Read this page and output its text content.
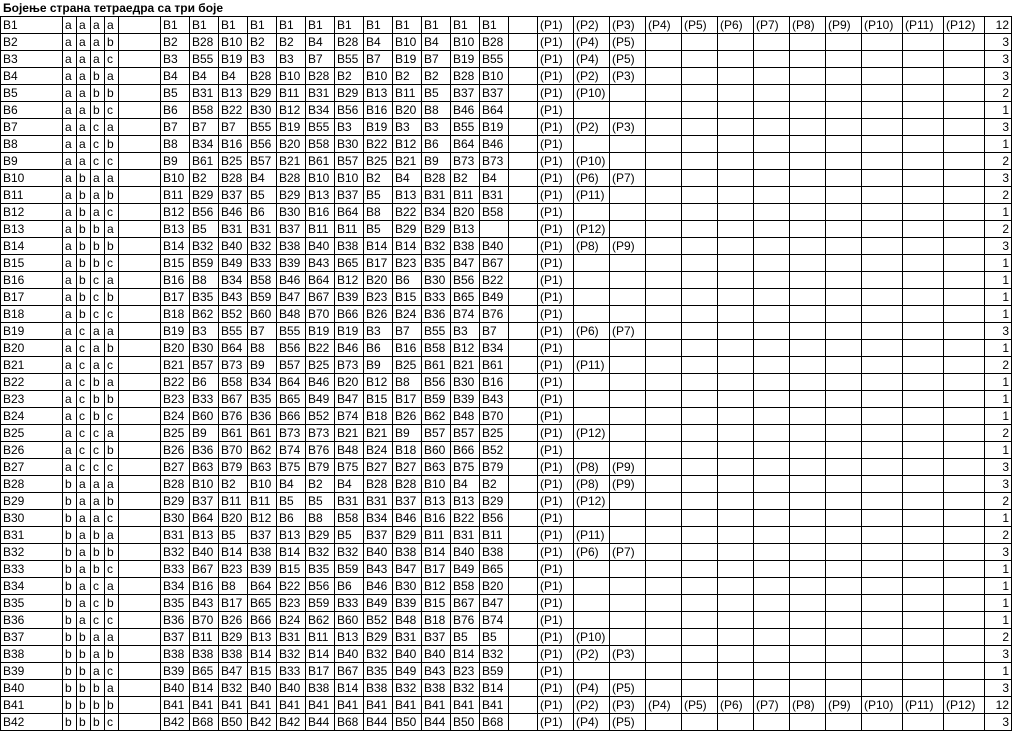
Бојење страна тетраедра са три боје
B1	a	a	a	a		B1	B1	B1	B1	B1	B1	B1	B1	B1	B1	B1	B1		(P1)	(P2)	(P3)	(P4)	(P5)	(P6)	(P7)	(P8)	(P9)	(P10)	(P11)	(P12)	12
B2	a	a	a	b		B2	B28	B10	B2	B2	B4	B28	B4	B10	B4	B10	B28		(P1)	(P4)	(P5)										3
B3	a	a	a	c		B3	B55	B19	B3	B3	B7	B55	B7	B19	B7	B19	B55		(P1)	(P4)	(P5)										3
B4	a	a	b	a		B4	B4	B4	B28	B10	B28	B2	B10	B2	B2	B28	B10		(P1)	(P2)	(P3)										3
B5	a	a	b	b		B5	B31	B13	B29	B11	B31	B29	B13	B11	B5	B37	B37		(P1)	(P10)											2
B6	a	a	b	c		B6	B58	B22	B30	B12	B34	B56	B16	B20	B8	B46	B64		(P1)												1
B7	a	a	c	a		B7	B7	B7	B55	B19	B55	B3	B19	B3	B3	B55	B19		(P1)	(P2)	(P3)										3
B8	a	a	c	b		B8	B34	B16	B56	B20	B58	B30	B22	B12	B6	B64	B46		(P1)												1
B9	a	a	c	c		B9	B61	B25	B57	B21	B61	B57	B25	B21	B9	B73	B73		(P1)	(P10)											2
B10	a	b	a	a		B10	B2	B28	B4	B28	B10	B10	B2	B4	B28	B2	B4		(P1)	(P6)	(P7)										3
B11	a	b	a	b		B11	B29	B37	B5	B29	B13	B37	B5	B13	B31	B11	B31		(P1)	(P11)											2
B12	a	b	a	c		B12	B56	B46	B6	B30	B16	B64	B8	B22	B34	B20	B58		(P1)												1
B13	a	b	b	a		B13	B5	B31	B31	B37	B11	B11	B5	B29	B29	B13			(P1)	(P12)											2
B14	a	b	b	b		B14	B32	B40	B32	B38	B40	B38	B14	B14	B32	B38	B40		(P1)	(P8)	(P9)										3
B15	a	b	b	c		B15	B59	B49	B33	B39	B43	B65	B17	B23	B35	B47	B67		(P1)												1
B16	a	b	c	a		B16	B8	B34	B58	B46	B64	B12	B20	B6	B30	B56	B22		(P1)												1
B17	a	b	c	b		B17	B35	B43	B59	B47	B67	B39	B23	B15	B33	B65	B49		(P1)												1
B18	a	b	c	c		B18	B62	B52	B60	B48	B70	B66	B26	B24	B36	B74	B76		(P1)												1
B19	a	c	a	a		B19	B3	B55	B7	B55	B19	B19	B3	B7	B55	B3	B7		(P1)	(P6)	(P7)										3
B20	a	c	a	b		B20	B30	B64	B8	B56	B22	B46	B6	B16	B58	B12	B34		(P1)												1
B21	a	c	a	c		B21	B57	B73	B9	B57	B25	B73	B9	B25	B61	B21	B61		(P1)	(P11)											2
B22	a	c	b	a		B22	B6	B58	B34	B64	B46	B20	B12	B8	B56	B30	B16		(P1)												1
B23	a	c	b	b		B23	B33	B67	B35	B65	B49	B47	B15	B17	B59	B39	B43		(P1)												1
B24	a	c	b	c		B24	B60	B76	B36	B66	B52	B74	B18	B26	B62	B48	B70		(P1)												1
B25	a	c	c	a		B25	B9	B61	B61	B73	B73	B21	B21	B9	B57	B57	B25		(P1)	(P12)											2
B26	a	c	c	b		B26	B36	B70	B62	B74	B76	B48	B24	B18	B60	B66	B52		(P1)												1
B27	a	c	c	c		B27	B63	B79	B63	B75	B79	B75	B27	B27	B63	B75	B79		(P1)	(P8)	(P9)										3
B28	b	a	a	a		B28	B10	B2	B10	B4	B2	B4	B28	B28	B10	B4	B2		(P1)	(P8)	(P9)										3
B29	b	a	a	b		B29	B37	B11	B11	B5	B5	B31	B31	B37	B13	B13	B29		(P1)	(P12)											2
B30	b	a	a	c		B30	B64	B20	B12	B6	B8	B58	B34	B46	B16	B22	B56		(P1)												1
B31	b	a	b	a		B31	B13	B5	B37	B13	B29	B5	B37	B29	B11	B31	B11		(P1)	(P11)											2
B32	b	a	b	b		B32	B40	B14	B38	B14	B32	B32	B40	B38	B14	B40	B38		(P1)	(P6)	(P7)										3
B33	b	a	b	c		B33	B67	B23	B39	B15	B35	B59	B43	B47	B17	B49	B65		(P1)												1
B34	b	a	c	a		B34	B16	B8	B64	B22	B56	B6	B46	B30	B12	B58	B20		(P1)												1
B35	b	a	c	b		B35	B43	B17	B65	B23	B59	B33	B49	B39	B15	B67	B47		(P1)												1
B36	b	a	c	c		B36	B70	B26	B66	B24	B62	B60	B52	B48	B18	B76	B74		(P1)												1
B37	b	b	a	a		B37	B11	B29	B13	B31	B11	B13	B29	B31	B37	B5	B5		(P1)	(P10)											2
B38	b	b	a	b		B38	B38	B38	B14	B32	B14	B40	B32	B40	B40	B14	B32		(P1)	(P2)	(P3)										3
B39	b	b	a	c		B39	B65	B47	B15	B33	B17	B67	B35	B49	B43	B23	B59		(P1)												1
B40	b	b	b	a		B40	B14	B32	B40	B40	B38	B14	B38	B32	B38	B32	B14		(P1)	(P4)	(P5)										3
B41	b	b	b	b		B41	B41	B41	B41	B41	B41	B41	B41	B41	B41	B41	B41		(P1)	(P2)	(P3)	(P4)	(P5)	(P6)	(P7)	(P8)	(P9)	(P10)	(P11)	(P12)	12
B42	b	b	b	c		B42	B68	B50	B42	B42	B44	B68	B44	B50	B44	B50	B68		(P1)	(P4)	(P5)										3
